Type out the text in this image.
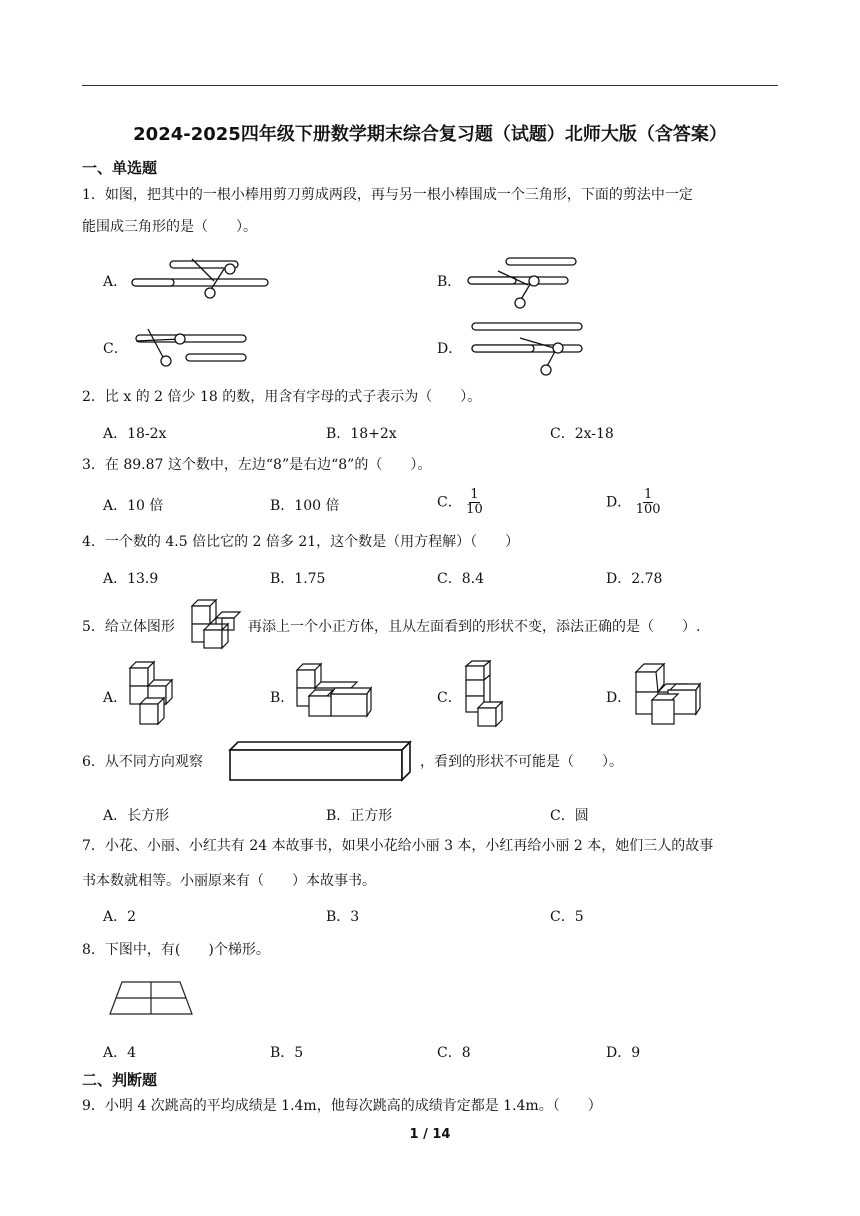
2024-2025四年级下册数学期末综合复习题（试题）北师大版（含答案）
一、单选题
1．如图，把其中的一根小棒用剪刀剪成两段，再与另一根小棒围成一个三角形，下面的剪法中一定
能围成三角形的是（　　）。
A．	B．
C．	D．
2．比 x 的 2 倍少 18 的数，用含有字母的式子表示为（　　）。
A．18-2x	B．18+2x	C．2x-18
3．在 89.87 这个数中，左边“8”是右边“8”的（　　）。
A．10 倍	B．100 倍	C． $\frac{1}{10}$	D． $\frac{1}{100}$
4．一个数的 4.5 倍比它的 2 倍多 21，这个数是（用方程解）（　　）
A．13.9	B．1.75	C．8.4	D．2.78
5．给立体图形	再添上一个小正方体，且从左面看到的形状不变，添法正确的是（　　）.
A．	B．	C．	D．
6．从不同方向观察	，看到的形状不可能是（　　）。
A．长方形	B．正方形	C．圆
7．小花、小丽、小红共有 24 本故事书，如果小花给小丽 3 本，小红再给小丽 2 本，她们三人的故事
书本数就相等。小丽原来有（　　）本故事书。
A．2	B．3	C．5
8．下图中，有(　　)个梯形。
A．4	B．5	C．8	D．9
二、判断题
9．小明 4 次跳高的平均成绩是 1.4m，他每次跳高的成绩肯定都是 1.4m。（　　）
1 / 14
